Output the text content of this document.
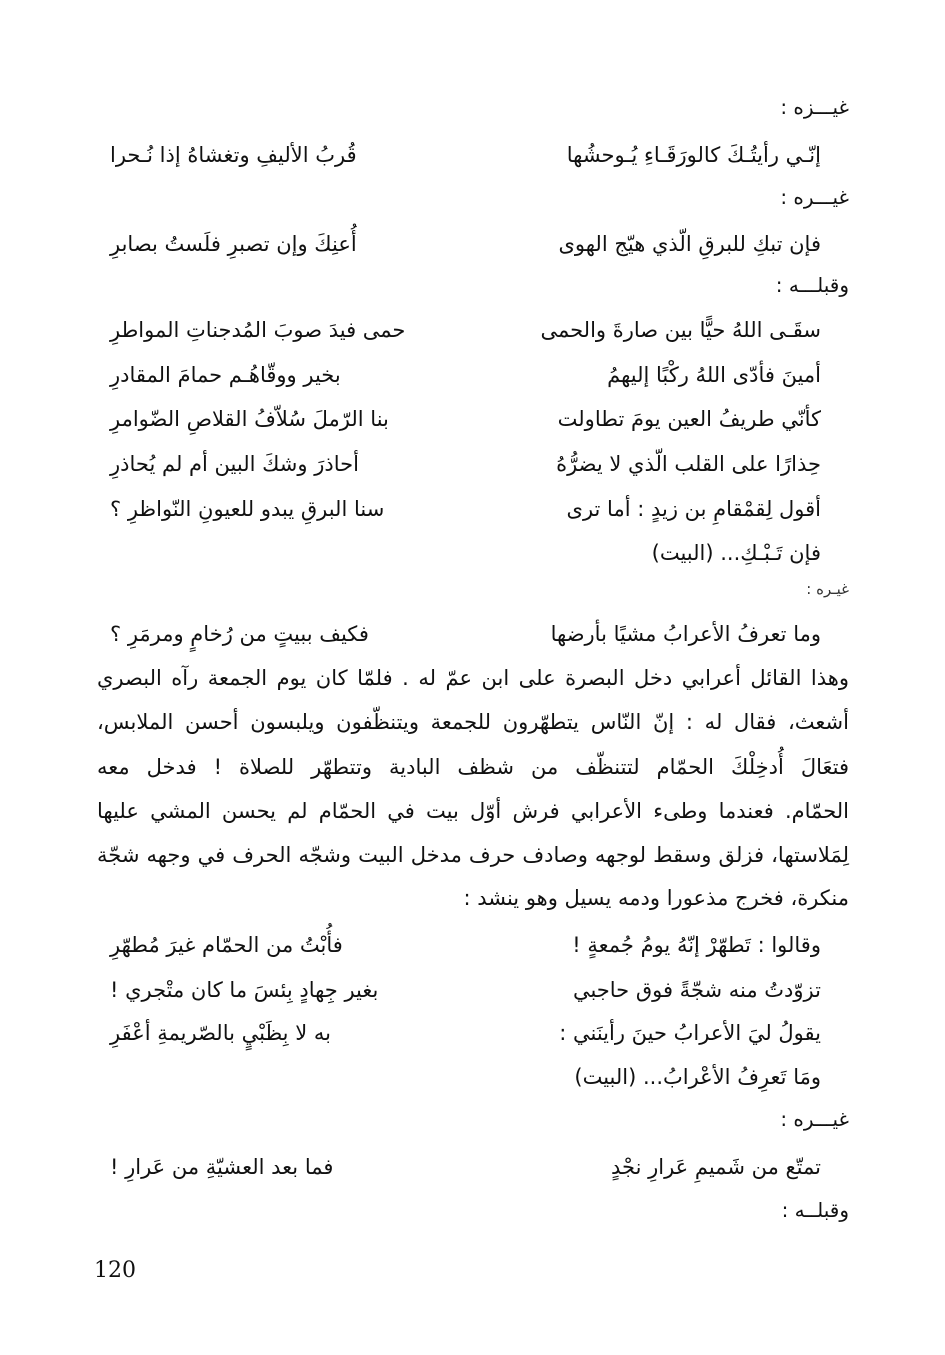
غيـــزه :
إنّـي رأيتُـكَ كالورَقَـاءِ يُـوحشُها
قُربُ الأليفِ وتغشاهُ إذا نُـحرا
غيـــره :
فإن تبكِ للبرقِ الّذي هيّج الهوى
أُعنِكَ وإن تصبرِ فلَستُ بصابرِ
وقبلـــه :
سقَـى اللهُ حيًّا بين صارةَ والحمى
حمى فيدَ صوبَ المُدجناتِ المواطرِ
أمينَ فأدّى اللهُ ركْبًا إليهمُ
بخير ووقّاهُـم حمامَ المقادرِ
كأنّي طريفُ العين يومَ تطاولت
بنا الرّملَ سُلاّفُ القلاصِ الضّوامرِ
حِذارًا على القلب الّذي لا يضرُّهُ
أحاذرَ وشكَ البين أم لم يُحاذرِ
أقول لِقمْقامِ بن زيدٍ : أما ترى
سنا البرقِ يبدو للعيونِ النّواظرِ ؟
فإن تَـبْـكِ... (البيت)
غيـره :
وما تعرفُ الأعرابُ مشيًا بأرضها
فكيف ببيتٍ من رُخامٍ ومرمَرِ ؟
وهذا القائل أعرابي دخل البصرة على ابن عمّ له . فلمّا كان يوم الجمعة رآه البصري
أشعث، فقال له : إنّ النّاس يتطهّرون للجمعة ويتنظّفون ويلبسون أحسن الملابس،
فتعَالَ أُدخِلْكَ الحمّام لتتنظّف من شظف البادية وتتطهّر للصلاة ! فدخل معه
الحمّام. فعندما وطىء الأعرابي فرش أوّل بيت في الحمّام لم يحسن المشي عليها
لِمَلاستها، فزلق وسقط لوجهه وصادف حرف مدخل البيت وشجّه الحرف في وجهه شجّة
منكرة، فخرج مذعورا ودمه يسيل وهو ينشد :
وقالوا : تَطهّرْ إنّهُ يومُ جُمعةٍ !
فأُبْتُ من الحمّام غيرَ مُطهّرِ
تزوّدتُ منه شجّةً فوق حاجبي
بغير جِهادٍ بِئسَ ما كان متْجري !
يقولُ ليَ الأعرابُ حينَ رأينَني :
به لا بِظَبْيٍ بالصّريمةِ أعْفَرِ
ومَا تَعرِفُ الأعْرابُ... (البيت)
غيـــره :
تمتّع من شَميمِ عَرارِ نجْدٍ
فما بعد العشيّةِ من عَرارِ !
وقبلــه :
120
